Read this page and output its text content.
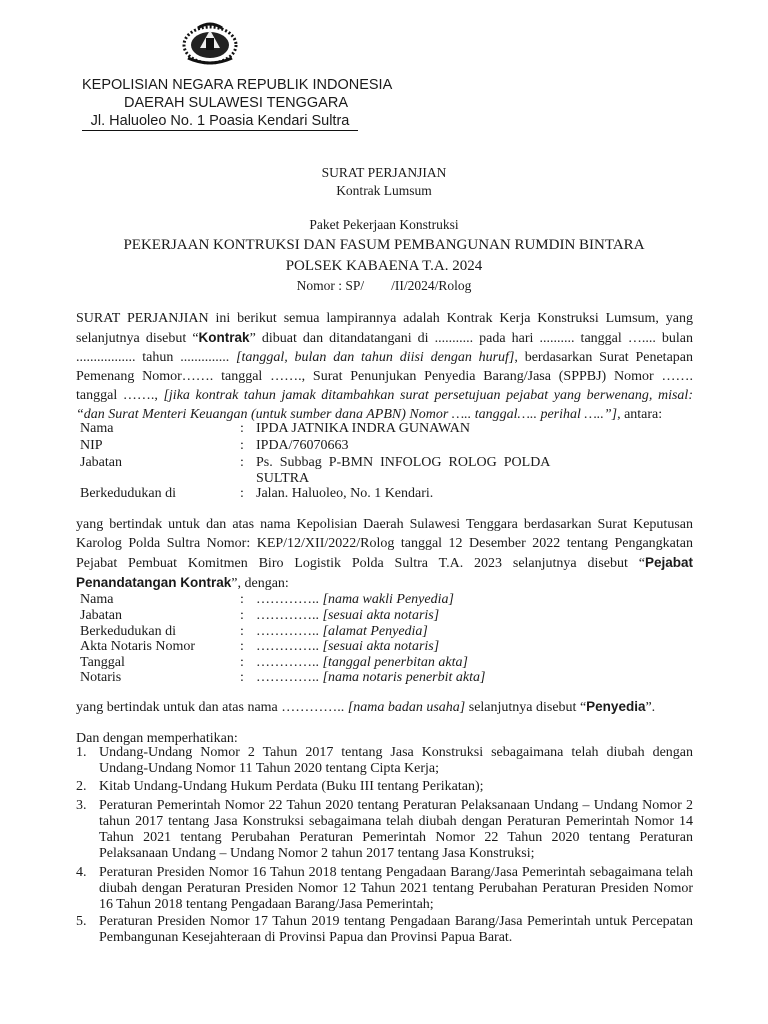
KEPOLISIAN NEGARA REPUBLIK INDONESIA
DAERAH SULAWESI TENGGARA
Jl. Haluoleo No. 1 Poasia Kendari Sultra
SURAT PERJANJIAN
Kontrak Lumsum
Paket Pekerjaan Konstruksi
PEKERJAAN KONTRUKSI DAN FASUM PEMBANGUNAN RUMDIN BINTARA
POLSEK KABAENA T.A. 2024
Nomor : SP/        /II/2024/Rolog
SURAT PERJANJIAN ini berikut semua lampirannya adalah Kontrak Kerja Konstruksi Lumsum, yang selanjutnya disebut “Kontrak” dibuat dan ditandatangani di ........... pada hari .......... tanggal ….... bulan ................. tahun .............. [tanggal, bulan dan tahun diisi dengan huruf], berdasarkan Surat Penetapan Pemenang Nomor……. tanggal ……., Surat Penunjukan Penyedia Barang/Jasa (SPPBJ) Nomor ……. tanggal ……., [jika kontrak tahun jamak ditambahkan surat persetujuan pejabat yang berwenang, misal: “dan Surat Menteri Keuangan (untuk sumber dana APBN) Nomor ….. tanggal….. perihal …..”], antara:
Nama	: IPDA JATNIKA INDRA GUNAWAN
NIP	: IPDA/76070663
Jabatan	: Ps.  Subbag  P-BMN  INFOLOG  ROLOG  POLDA
SULTRA
Berkedudukan di	: Jalan. Haluoleo, No. 1 Kendari.
yang bertindak untuk dan atas nama Kepolisian Daerah Sulawesi Tenggara berdasarkan Surat Keputusan Karolog Polda Sultra Nomor: KEP/12/XII/2022/Rolog tanggal 12 Desember 2022 tentang Pengangkatan Pejabat Pembuat Komitmen Biro Logistik Polda Sultra T.A. 2023 selanjutnya disebut “Pejabat Penandatangan Kontrak”, dengan:
Nama	: ………….. [nama wakli Penyedia]
Jabatan	: ………….. [sesuai akta notaris]
Berkedudukan di	: ………….. [alamat Penyedia]
Akta Notaris Nomor	: ………….. [sesuai akta notaris]
Tanggal	: ………….. [tanggal penerbitan akta]
Notaris	: ………….. [nama notaris penerbit akta]
yang bertindak untuk dan atas nama ………….. [nama badan usaha] selanjutnya disebut “Penyedia”.
Dan dengan memperhatikan:
1. Undang-Undang Nomor 2 Tahun 2017 tentang Jasa Konstruksi sebagaimana telah diubah dengan Undang-Undang Nomor 11 Tahun 2020 tentang Cipta Kerja;
2. Kitab Undang-Undang Hukum Perdata (Buku III tentang Perikatan);
3. Peraturan Pemerintah Nomor 22 Tahun 2020 tentang Peraturan Pelaksanaan Undang – Undang Nomor 2 tahun 2017 tentang Jasa Konstruksi sebagaimana telah diubah dengan Peraturan Pemerintah Nomor 14 Tahun 2021 tentang Perubahan Peraturan Pemerintah Nomor 22 Tahun 2020 tentang Peraturan Pelaksanaan Undang – Undang Nomor 2 tahun 2017 tentang Jasa Konstruksi;
4. Peraturan Presiden Nomor 16 Tahun 2018 tentang Pengadaan Barang/Jasa Pemerintah sebagaimana telah diubah dengan Peraturan Presiden Nomor 12 Tahun 2021 tentang Perubahan Peraturan Presiden Nomor 16 Tahun 2018 tentang Pengadaan Barang/Jasa Pemerintah;
5. Peraturan Presiden Nomor 17 Tahun 2019 tentang Pengadaan Barang/Jasa Pemerintah untuk Percepatan Pembangunan Kesejahteraan di Provinsi Papua dan Provinsi Papua Barat.
